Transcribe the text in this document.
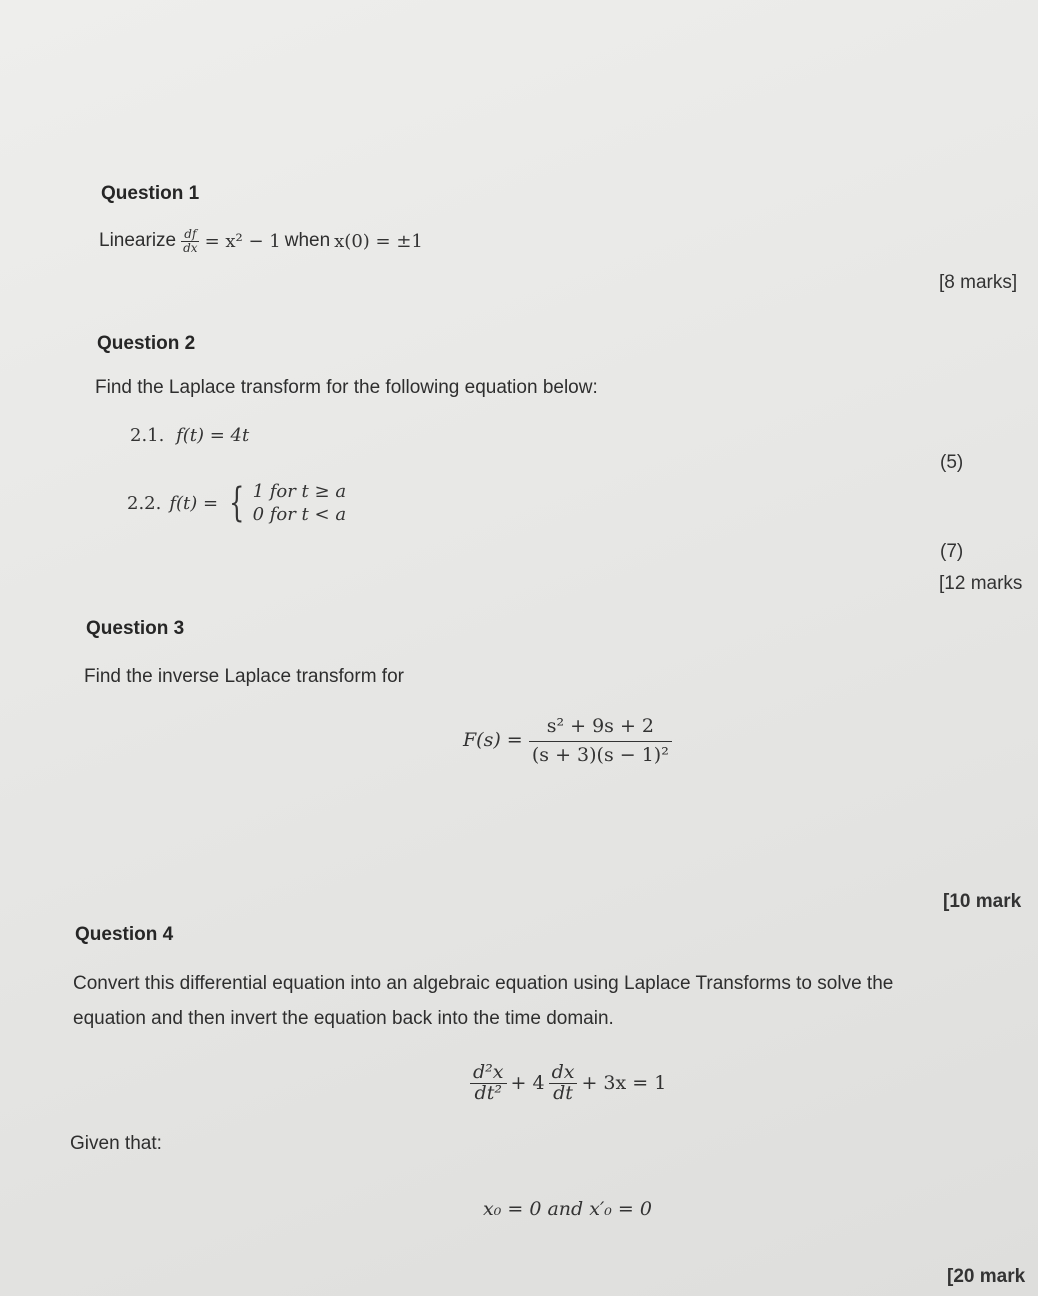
Question 1
Linearize $\frac{df}{dx} = x^2 - 1$ when x(0) = ±1
[8 marks]
Question 2
Find the Laplace transform for the following equation below:
2.1. f(t) = 4t
(5)
2.2. f(t) = { 1 for t ≥ a
0 for t < a
(7)
[12 marks
Question 3
Find the inverse Laplace transform for
$F(s) = \frac{\text{s² + 9s + 2}}{\text{(s + 3)(s − 1)²}}$
[10 mark
Question 4
Convert this differential equation into an algebraic equation using Laplace Transforms to solve the
equation and then invert the equation back into the time domain.
$\frac{\text{d²x}}{\text{dt²}} + 4 \frac{dx}{dt} + 3x = 1$
Given that:
x₀ = 0 and x′₀ = 0
[20 mark
